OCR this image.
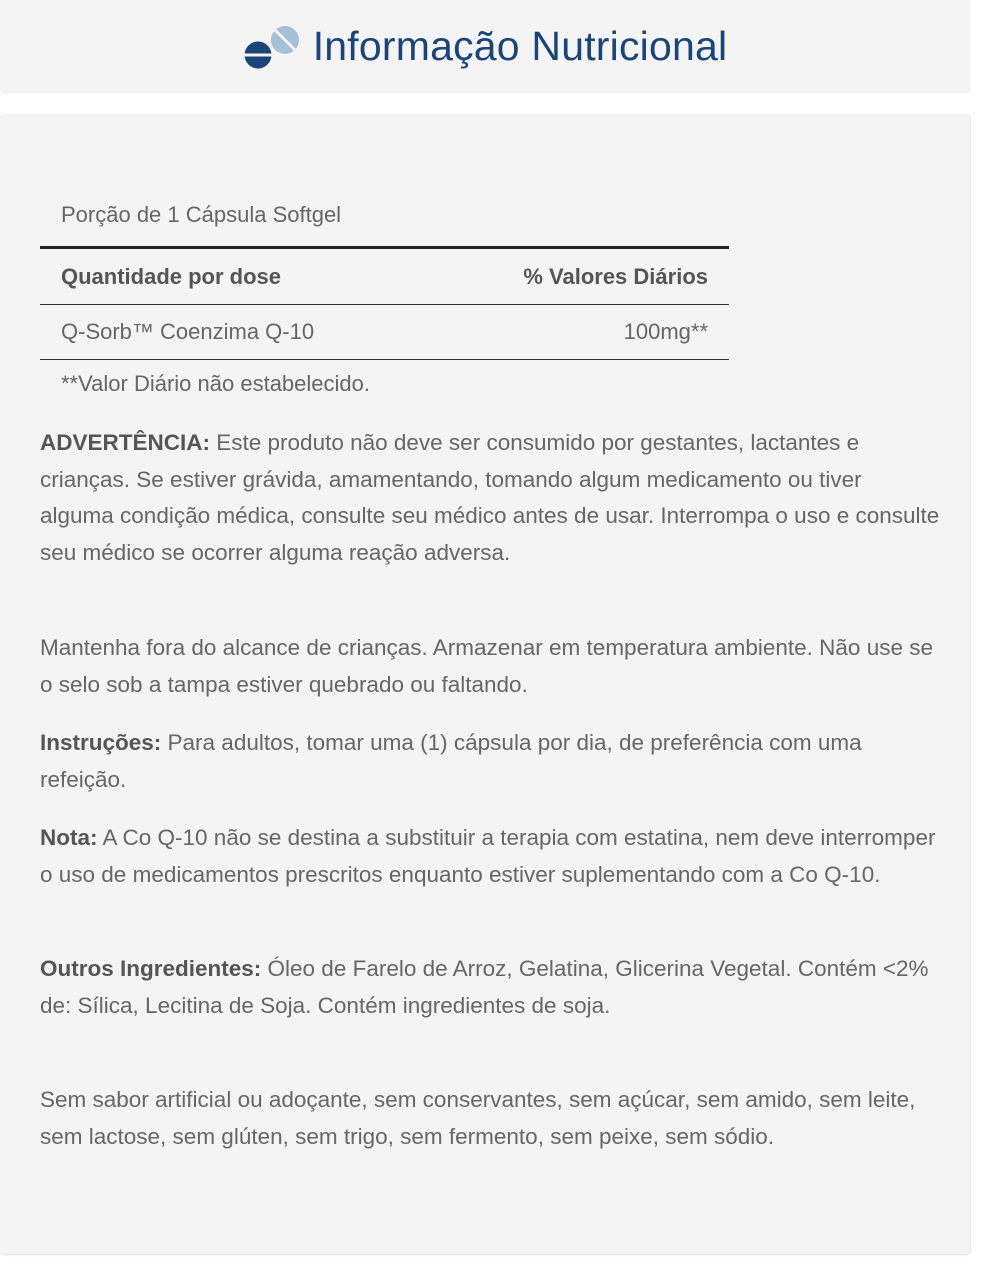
Informação Nutricional
Porção de 1 Cápsula Softgel
Quantidade por dose	% Valores Diários
Q-Sorb™ Coenzima Q-10	100mg**
**Valor Diário não estabelecido.

ADVERTÊNCIA: Este produto não deve ser consumido por gestantes, lactantes e crianças. Se estiver grávida, amamentando, tomando algum medicamento ou tiver alguma condição médica, consulte seu médico antes de usar. Interrompa o uso e consulte seu médico se ocorrer alguma reação adversa.

Mantenha fora do alcance de crianças. Armazenar em temperatura ambiente. Não use se o selo sob a tampa estiver quebrado ou faltando.

Instruções: Para adultos, tomar uma (1) cápsula por dia, de preferência com uma refeição.

Nota: A Co Q-10 não se destina a substituir a terapia com estatina, nem deve interromper o uso de medicamentos prescritos enquanto estiver suplementando com a Co Q-10.

Outros Ingredientes: Óleo de Farelo de Arroz, Gelatina, Glicerina Vegetal. Contém <2% de: Sílica, Lecitina de Soja. Contém ingredientes de soja.

Sem sabor artificial ou adoçante, sem conservantes, sem açúcar, sem amido, sem leite, sem lactose, sem glúten, sem trigo, sem fermento, sem peixe, sem sódio.
